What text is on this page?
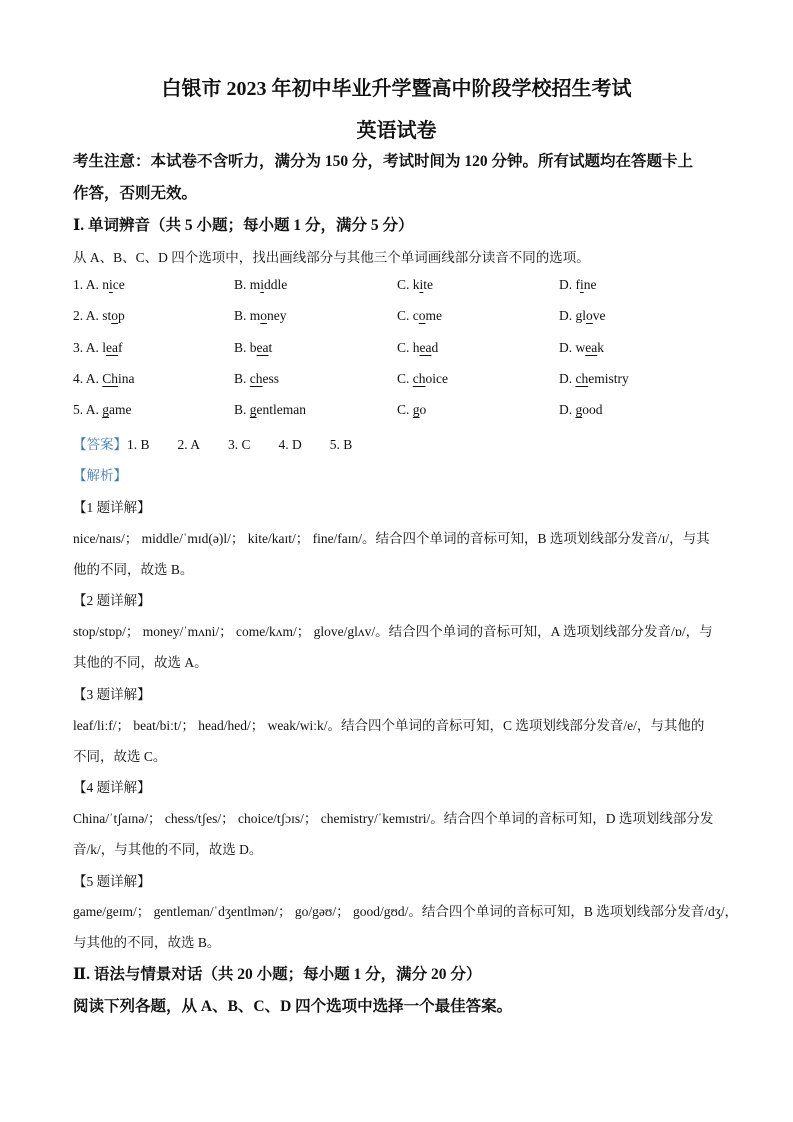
白银市 2023 年初中毕业升学暨高中阶段学校招生考试
英语试卷
考生注意：本试卷不含听力，满分为 150 分，考试时间为 120 分钟。所有试题均在答题卡上
作答，否则无效。
Ⅰ. 单词辨音（共 5 小题；每小题 1 分，满分 5 分）
从 A、B、C、D 四个选项中，找出画线部分与其他三个单词画线部分读音不同的选项。
1. A. nice	B. middle	C. kite	D. fine
2. A. stop	B. money	C. come	D. glove
3. A. leaf	B. beat	C. head	D. weak
4. A. China	B. chess	C. choice	D. chemistry
5. A. game	B. gentleman	C. go	D. good
【答案】1. B 2. A 3. C 4. D 5. B
【解析】
【1 题详解】
nice/naɪs/； middle/ˈmɪd(ə)l/； kite/kaɪt/； fine/faɪn/。结合四个单词的音标可知，B 选项划线部分发音/ɪ/，与其
他的不同，故选 B。
【2 题详解】
stop/stɒp/； money/ˈmʌni/； come/kʌm/； glove/glʌv/。结合四个单词的音标可知，A 选项划线部分发音/ɒ/，与
其他的不同，故选 A。
【3 题详解】
leaf/liːf/； beat/biːt/； head/hed/； weak/wiːk/。结合四个单词的音标可知，C 选项划线部分发音/e/，与其他的
不同，故选 C。
【4 题详解】
China/ˈtʃaɪnə/； chess/tʃes/； choice/tʃɔɪs/； chemistry/ˈkemɪstri/。结合四个单词的音标可知，D 选项划线部分发
音/k/，与其他的不同，故选 D。
【5 题详解】
game/geɪm/； gentleman/ˈdʒentlmən/； go/gəʊ/； good/gʊd/。结合四个单词的音标可知，B 选项划线部分发音/dʒ/，
与其他的不同，故选 B。
Ⅱ. 语法与情景对话（共 20 小题；每小题 1 分，满分 20 分）
阅读下列各题，从 A、B、C、D 四个选项中选择一个最佳答案。
